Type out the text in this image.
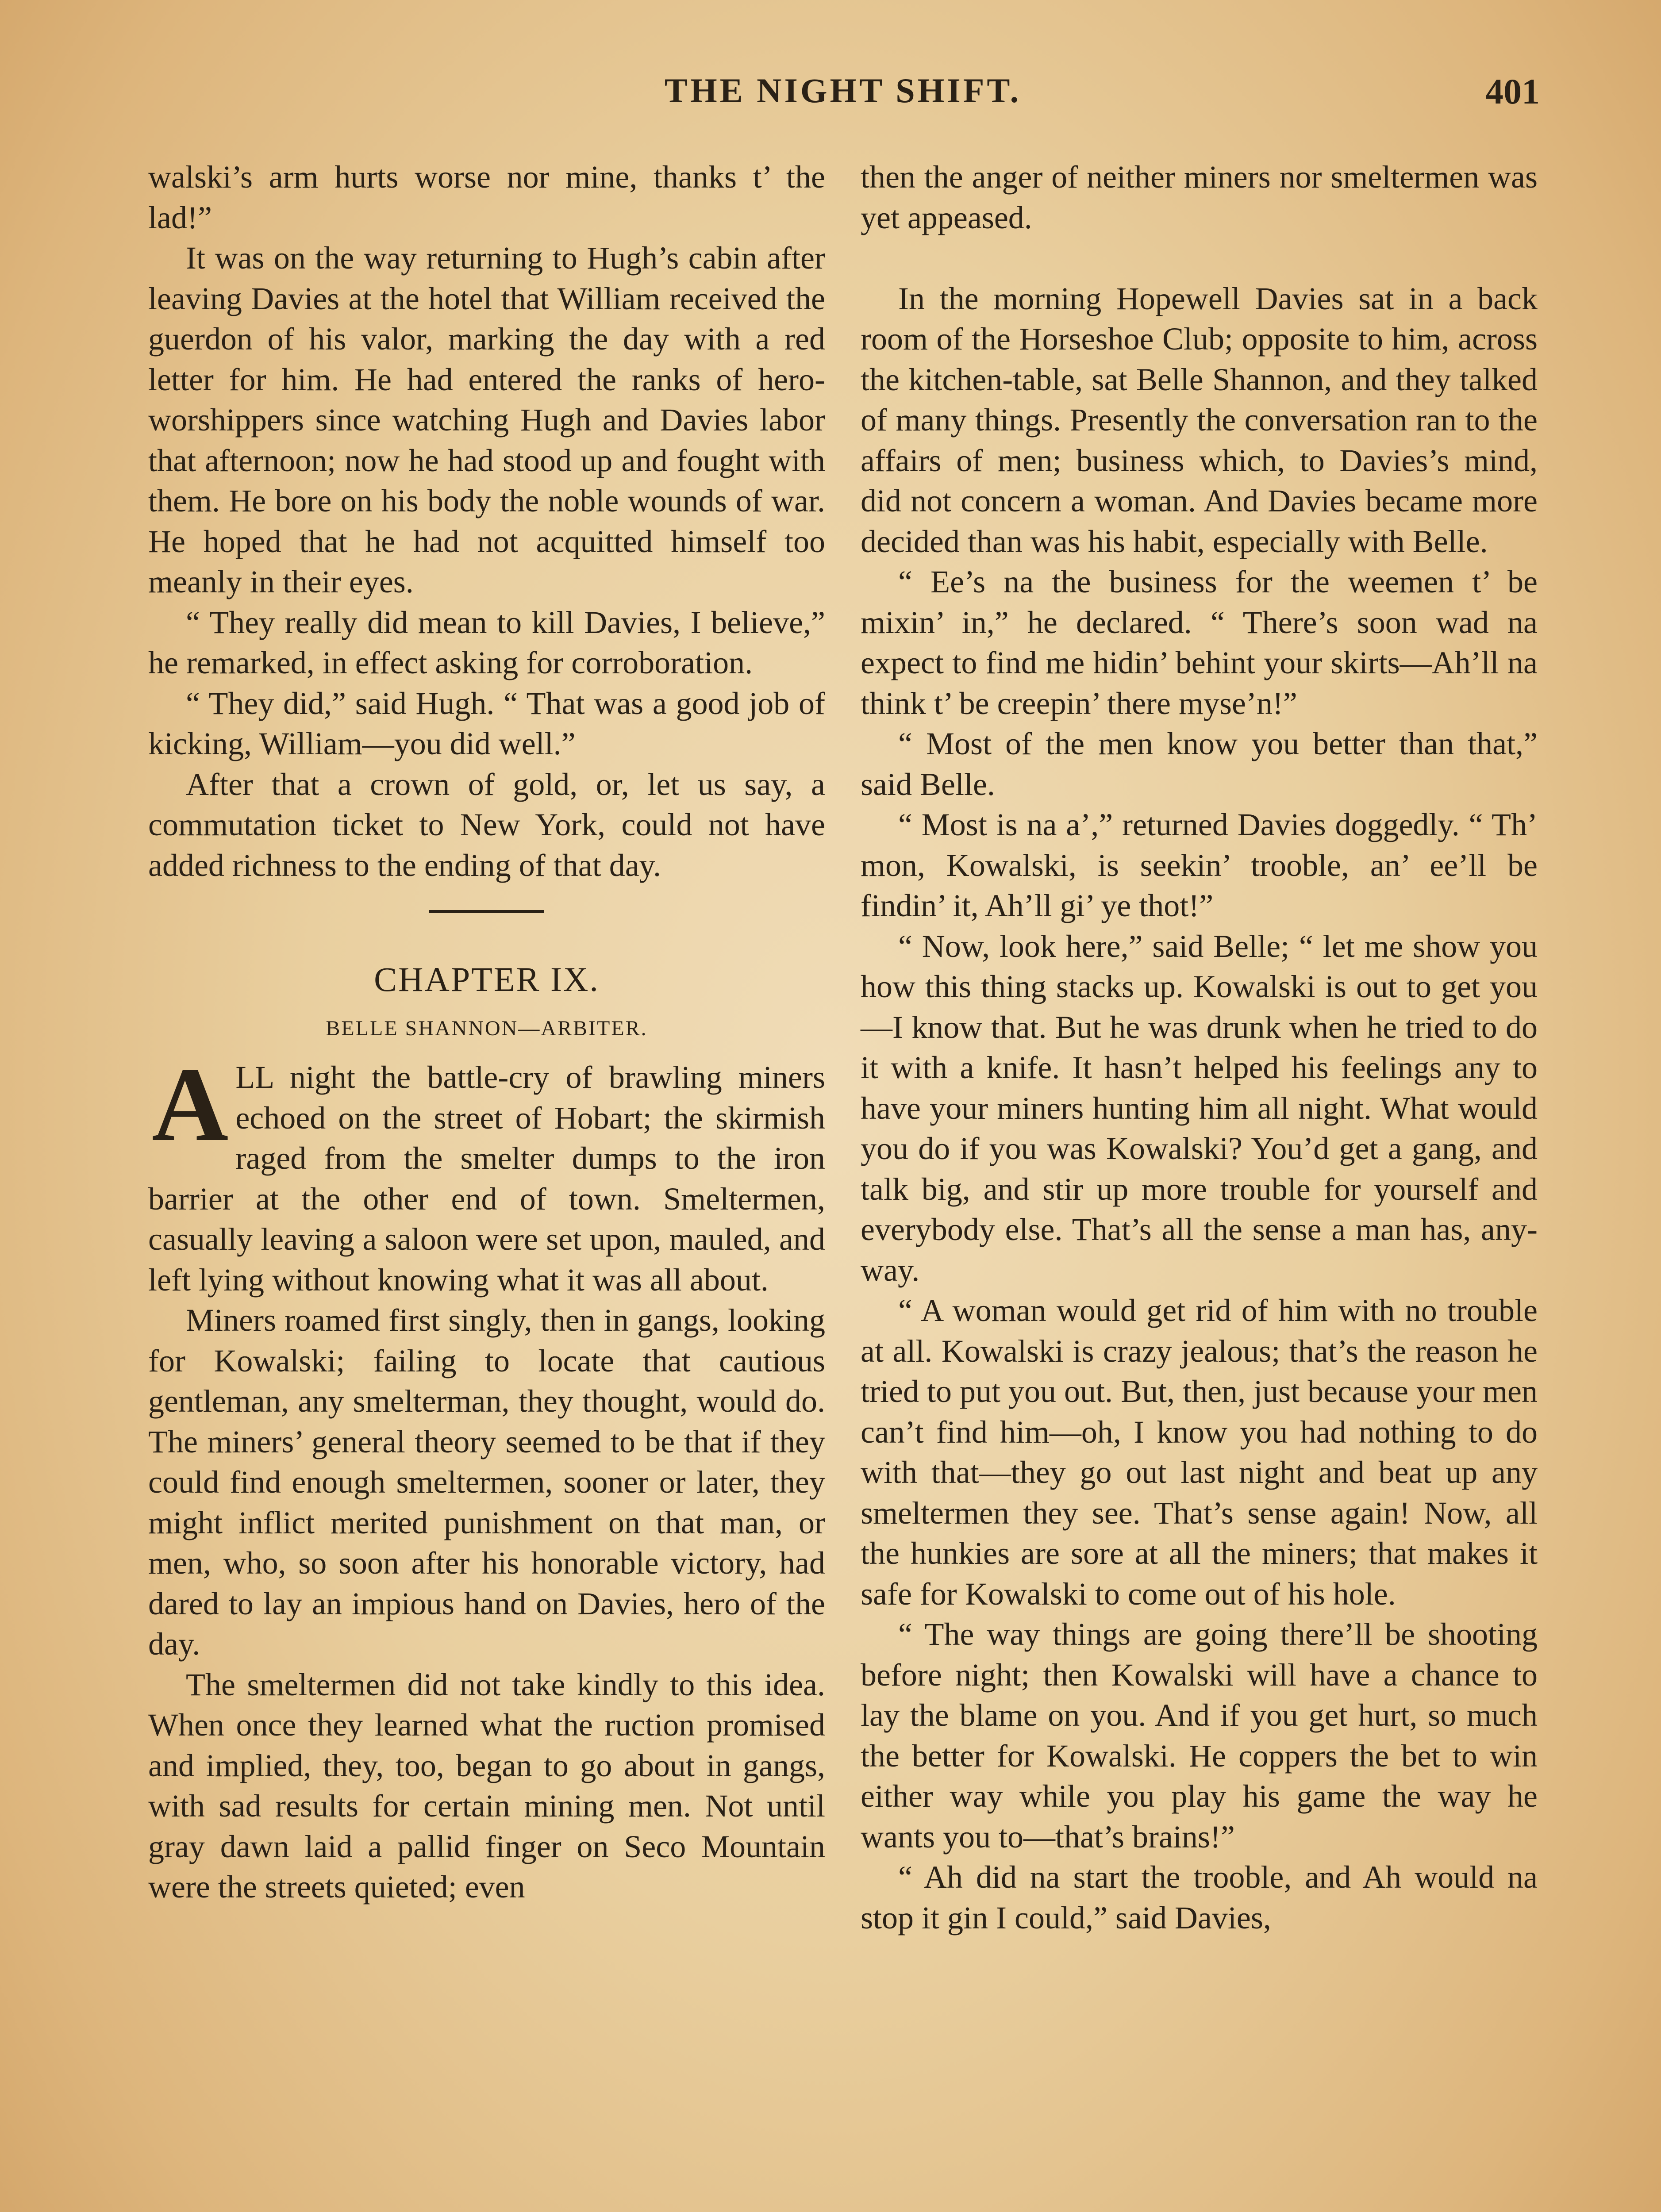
THE NIGHT SHIFT.	401

walski’s arm hurts worse nor mine, thanks t’ the lad!”

It was on the way returning to Hugh’s cabin after leaving Davies at the hotel that William received the guerdon of his valor, marking the day with a red letter for him. He had entered the ranks of hero-worshippers since watching Hugh and Davies labor that afternoon; now he had stood up and fought with them. He bore on his body the noble wounds of war. He hoped that he had not acquitted himself too meanly in their eyes.

“ They really did mean to kill Davies, I believe,” he remarked, in effect asking for corroboration.

“ They did,” said Hugh. “ That was a good job of kicking, William—you did well.”

After that a crown of gold, or, let us say, a commutation ticket to New York, could not have added richness to the ending of that day.

CHAPTER IX.
BELLE SHANNON—ARBITER.

ALL night the battle-cry of brawling miners echoed on the street of Hobart; the skirmish raged from the smelter dumps to the iron barrier at the other end of town. Smeltermen, casually leaving a saloon were set upon, mauled, and left lying without knowing what it was all about.

Miners roamed first singly, then in gangs, looking for Kowalski; failing to locate that cautious gentleman, any smelterman, they thought, would do. The miners’ general theory seemed to be that if they could find enough smeltermen, sooner or later, they might inflict merited punishment on that man, or men, who, so soon after his honorable victory, had dared to lay an impious hand on Davies, hero of the day.

The smeltermen did not take kindly to this idea. When once they learned what the ruction promised and implied, they, too, began to go about in gangs, with sad results for certain mining men. Not until gray dawn laid a pallid finger on Seco Mountain were the streets quieted; even

then the anger of neither miners nor smeltermen was yet appeased.

In the morning Hopewell Davies sat in a back room of the Horseshoe Club; opposite to him, across the kitchen-table, sat Belle Shannon, and they talked of many things. Presently the conversation ran to the affairs of men; business which, to Davies’s mind, did not concern a woman. And Davies became more decided than was his habit, especially with Belle.

“ Ee’s na the business for the weemen t’ be mixin’ in,” he declared. “ There’s soon wad na expect to find me hidin’ behint your skirts—Ah’ll na think t’ be creepin’ there myse’n!”

“ Most of the men know you better than that,” said Belle.

“ Most is na a’,” returned Davies doggedly. “ Th’ mon, Kowalski, is seekin’ trooble, an’ ee’ll be findin’ it, Ah’ll gi’ ye thot!”

“ Now, look here,” said Belle; “ let me show you how this thing stacks up. Kowalski is out to get you—I know that. But he was drunk when he tried to do it with a knife. It hasn’t helped his feelings any to have your miners hunting him all night. What would you do if you was Kowalski? You’d get a gang, and talk big, and stir up more trouble for yourself and everybody else. That’s all the sense a man has, anyway.

“ A woman would get rid of him with no trouble at all. Kowalski is crazy jealous; that’s the reason he tried to put you out. But, then, just because your men can’t find him—oh, I know you had nothing to do with that—they go out last night and beat up any smeltermen they see. That’s sense again! Now, all the hunkies are sore at all the miners; that makes it safe for Kowalski to come out of his hole.

“ The way things are going there’ll be shooting before night; then Kowalski will have a chance to lay the blame on you. And if you get hurt, so much the better for Kowalski. He coppers the bet to win either way while you play his game the way he wants you to—that’s brains!”

“ Ah did na start the trooble, and Ah would na stop it gin I could,” said Davies,
